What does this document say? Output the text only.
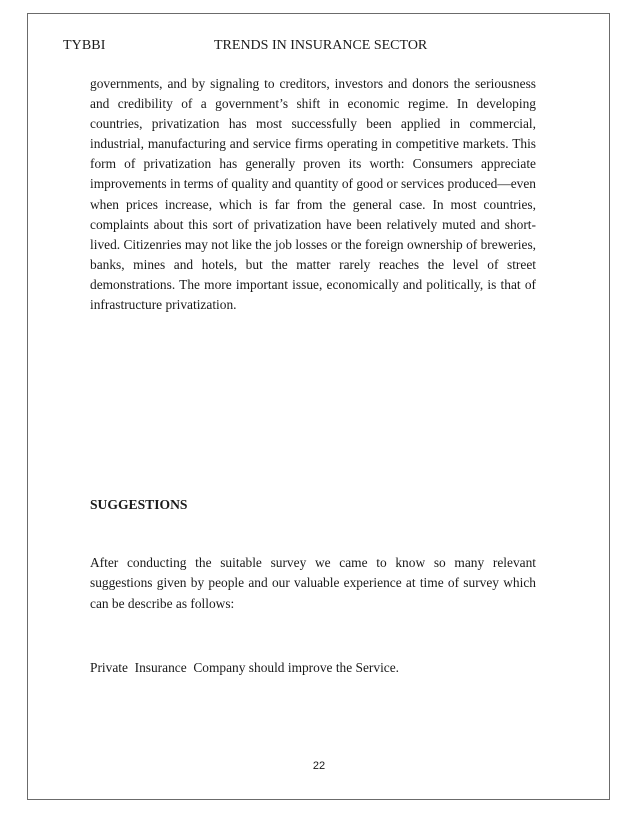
TYBBI	TRENDS IN INSURANCE SECTOR

governments, and by signaling to creditors, investors and donors the seriousness and credibility of a government’s shift in economic regime. In developing countries, privatization has most successfully been applied in commercial, industrial, manufacturing and service firms operating in competitive markets. This form of privatization has generally proven its worth: Consumers appreciate improvements in terms of quality and quantity of good or services produced—even when prices increase, which is far from the general case. In most countries, complaints about this sort of privatization have been relatively muted and short-lived. Citizenries may not like the job losses or the foreign ownership of breweries, banks, mines and hotels, but the matter rarely reaches the level of street demonstrations. The more important issue, economically and politically, is that of infrastructure privatization.

SUGGESTIONS

After conducting the suitable survey we came to know so many relevant suggestions given by people and our valuable experience at time of survey which can be describe as follows:

Private  Insurance  Company should improve the Service.

22
